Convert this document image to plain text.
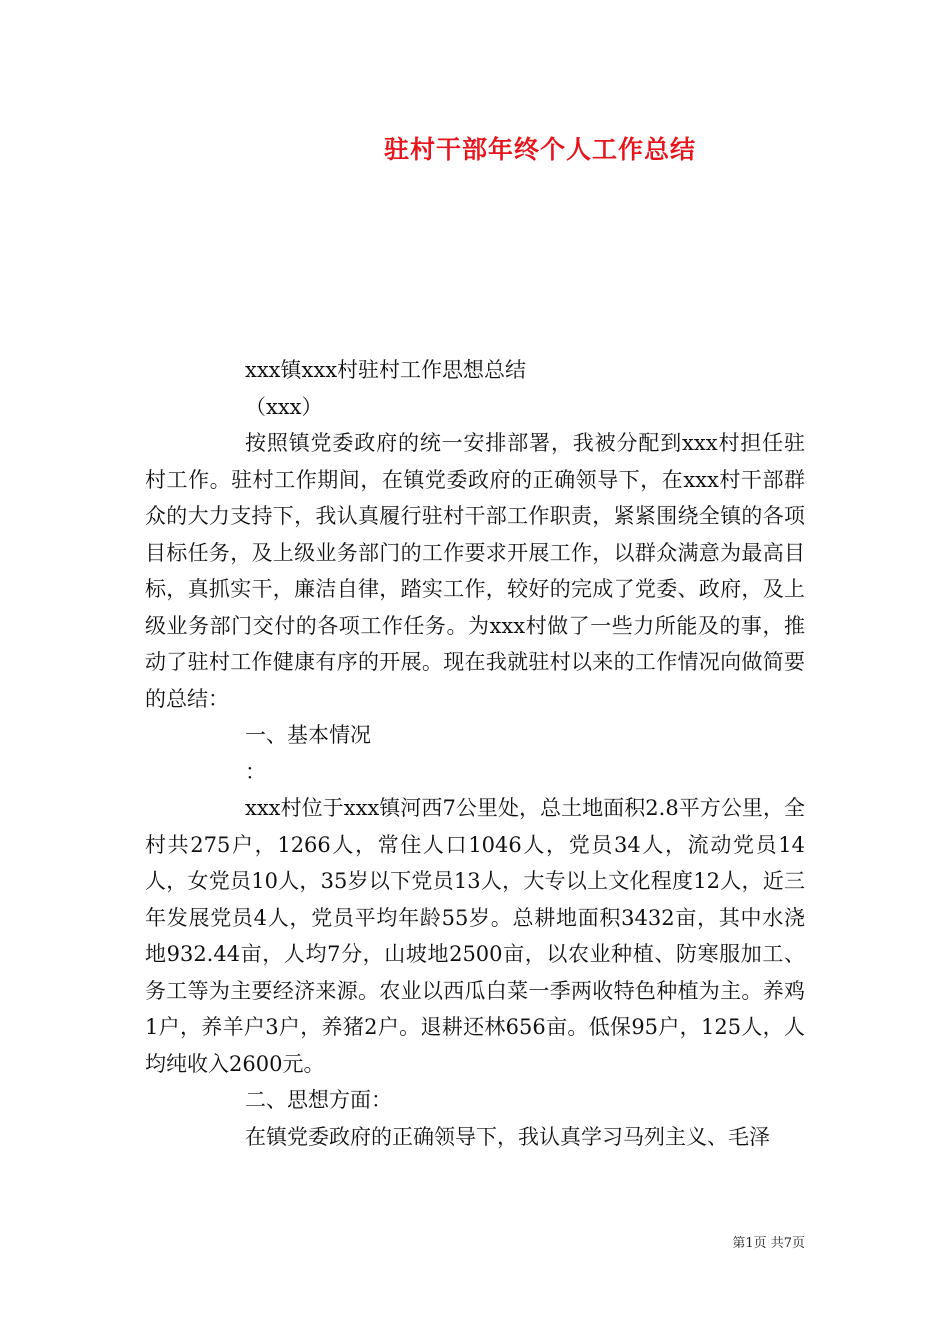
驻村干部年终个人工作总结

xxx镇xxx村驻村工作思想总结

（xxx）

按照镇党委政府的统一安排部署，我被分配到xxx村担任驻村工作。驻村工作期间，在镇党委政府的正确领导下，在xxx村干部群众的大力支持下，我认真履行驻村干部工作职责，紧紧围绕全镇的各项目标任务，及上级业务部门的工作要求开展工作，以群众满意为最高目标，真抓实干，廉洁自律，踏实工作，较好的完成了党委、政府，及上级业务部门交付的各项工作任务。为xxx村做了一些力所能及的事，推动了驻村工作健康有序的开展。现在我就驻村以来的工作情况向做简要的总结：

一、基本情况

：

xxx村位于xxx镇河西7公里处，总土地面积2.8平方公里，全村共275户，1266人，常住人口1046人，党员34人，流动党员14人，女党员10人，35岁以下党员13人，大专以上文化程度12人，近三年发展党员4人，党员平均年龄55岁。总耕地面积3432亩，其中水浇地932.44亩，人均7分，山坡地2500亩，以农业种植、防寒服加工、务工等为主要经济来源。农业以西瓜白菜一季两收特色种植为主。养鸡1户，养羊户3户，养猪2户。退耕还林656亩。低保95户，125人，人均纯收入2600元。

二、思想方面：

在镇党委政府的正确领导下，我认真学习马列主义、毛泽

第1页 共7页
